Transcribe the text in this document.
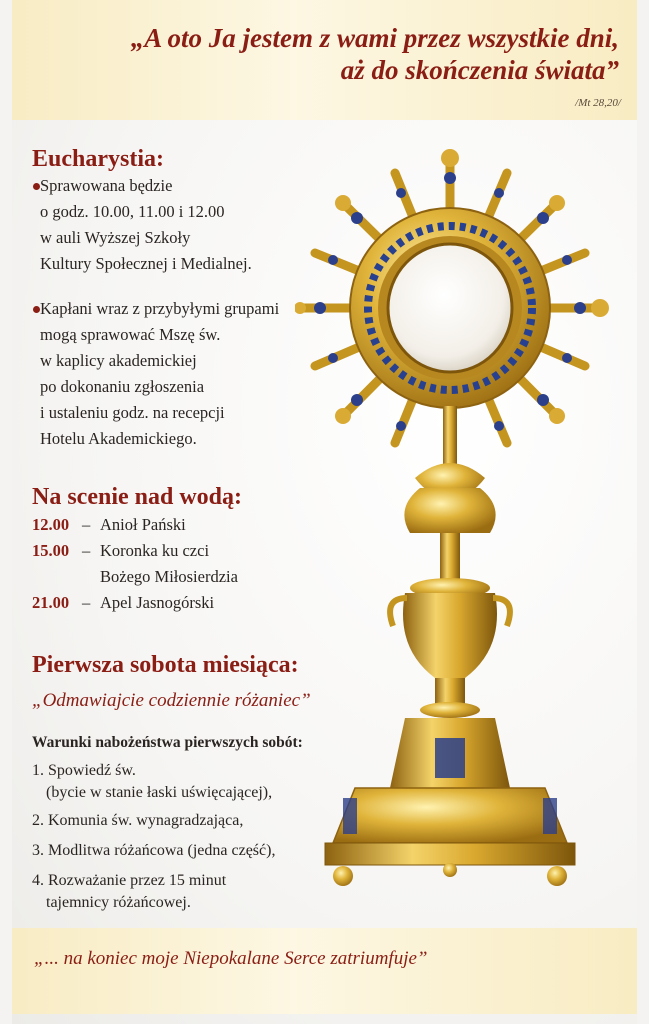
„A oto Ja jestem z wami przez wszystkie dni,
aż do skończenia świata”
/Mt 28,20/
Eucharystia:
Sprawowana będzie
o godz. 10.00, 11.00 i 12.00
w auli Wyższej Szkoły
Kultury Społecznej i Medialnej.
Kapłani wraz z przybyłymi grupami
mogą sprawować Mszę św.
w kaplicy akademickiej
po dokonaniu zgłoszenia
i ustaleniu godz. na recepcji
Hotelu Akademickiego.
Na scenie nad wodą:
12.00 – Anioł Pański
15.00 – Koronka ku czci
Bożego Miłosierdzia
21.00 – Apel Jasnogórski
Pierwsza sobota miesiąca:
„Odmawiajcie codziennie różaniec”
Warunki nabożeństwa pierwszych sobót:
1. Spowiedź św.
(bycie w stanie łaski uświęcającej),
2. Komunia św. wynagradzająca,
3. Modlitwa różańcowa (jedna część),
4. Rozważanie przez 15 minut
tajemnicy różańcowej.
„... na koniec moje Niepokalane Serce zatriumfuje”
